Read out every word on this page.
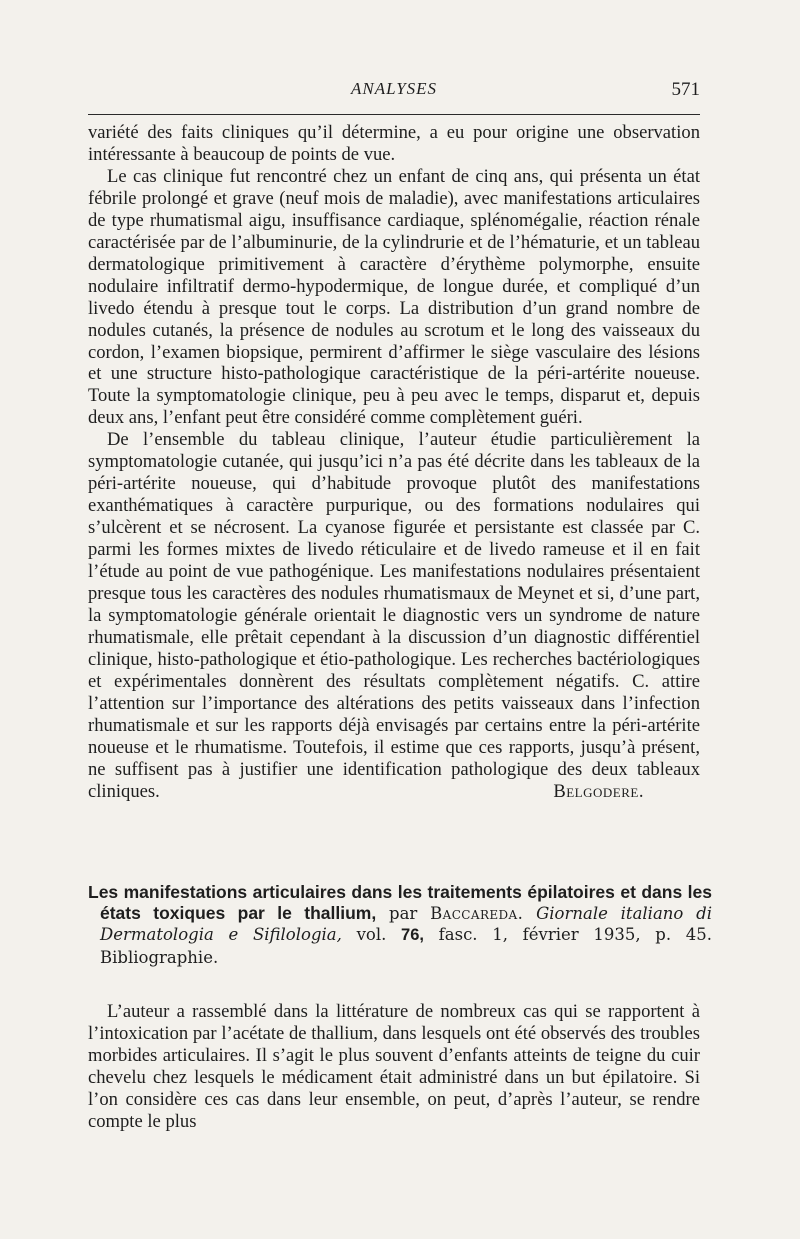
ANALYSES	571

variété des faits cliniques qu’il détermine, a eu pour origine une observation intéressante à beaucoup de points de vue.

Le cas clinique fut rencontré chez un enfant de cinq ans, qui présenta un état fébrile prolongé et grave (neuf mois de maladie), avec manifestations articulaires de type rhumatismal aigu, insuffisance cardiaque, splénomégalie, réaction rénale caractérisée par de l’albuminurie, de la cylindrurie et de l’hématurie, et un tableau dermatologique primitivement à caractère d’érythème polymorphe, ensuite nodulaire infiltratif dermo-hypodermique, de longue durée, et compliqué d’un livedo étendu à presque tout le corps. La distribution d’un grand nombre de nodules cutanés, la présence de nodules au scrotum et le long des vaisseaux du cordon, l’examen biopsique, permirent d’affirmer le siège vasculaire des lésions et une structure histo-pathologique caractéristique de la péri-artérite noueuse. Toute la symptomatologie clinique, peu à peu avec le temps, disparut et, depuis deux ans, l’enfant peut être considéré comme complètement guéri.

De l’ensemble du tableau clinique, l’auteur étudie particulièrement la symptomatologie cutanée, qui jusqu’ici n’a pas été décrite dans les tableaux de la péri-artérite noueuse, qui d’habitude provoque plutôt des manifestations exanthématiques à caractère purpurique, ou des formations nodulaires qui s’ulcèrent et se nécrosent. La cyanose figurée et persistante est classée par C. parmi les formes mixtes de livedo réticulaire et de livedo rameuse et il en fait l’étude au point de vue pathogénique. Les manifestations nodulaires présentaient presque tous les caractères des nodules rhumatismaux de Meynet et si, d’une part, la symptomatologie générale orientait le diagnostic vers un syndrome de nature rhumatismale, elle prêtait cependant à la discussion d’un diagnostic différentiel clinique, histo-pathologique et étio-pathologique. Les recherches bactériologiques et expérimentales donnèrent des résultats complètement négatifs. C. attire l’attention sur l’importance des altérations des petits vaisseaux dans l’infection rhumatismale et sur les rapports déjà envisagés par certains entre la péri-artérite noueuse et le rhumatisme. Toutefois, il estime que ces rapports, jusqu’à présent, ne suffisent pas à justifier une identification pathologique des deux tableaux cliniques.	Belgodere.

Les manifestations articulaires dans les traitements épilatoires et dans les états toxiques par le thallium, par Baccareda. Giornale italiano di Dermatologia e Sifilologia, vol. 76, fasc. 1, février 1935, p. 45. Bibliographie.

L’auteur a rassemblé dans la littérature de nombreux cas qui se rapportent à l’intoxication par l’acétate de thallium, dans lesquels ont été observés des troubles morbides articulaires. Il s’agit le plus souvent d’enfants atteints de teigne du cuir chevelu chez lesquels le médicament était administré dans un but épilatoire. Si l’on considère ces cas dans leur ensemble, on peut, d’après l’auteur, se rendre compte le plus
